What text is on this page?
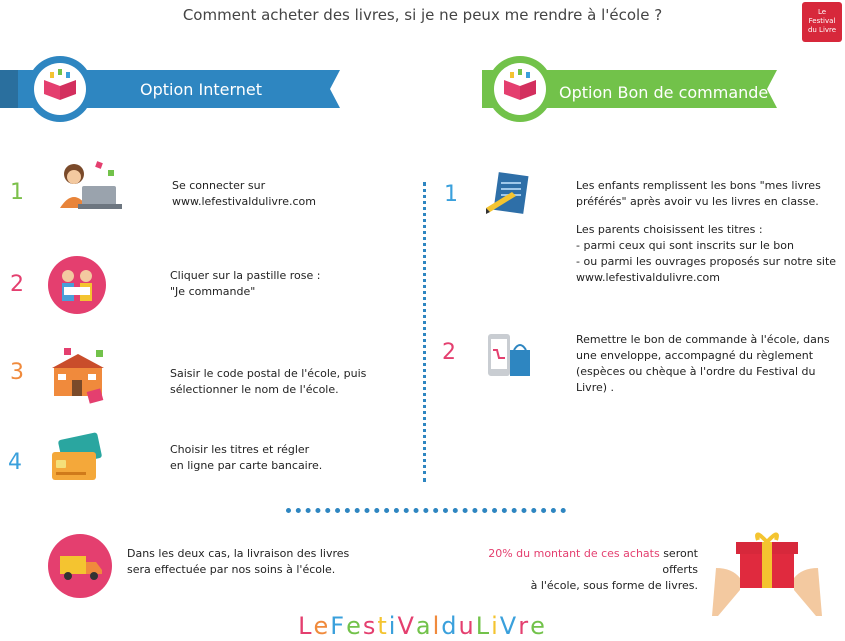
Comment acheter des livres, si je ne peux me rendre à l'école ?	Le
Festival
du Livre
Option Internet	Option Bon de commande
1	Se connecter sur
www.lefestivaldulivre.com
2	Cliquer sur la pastille rose :
"Je commande"
3	Saisir le code postal de l'école, puis
sélectionner le nom de l'école.
4
Choisir les titres et régler
en ligne par carte bancaire.
1	Les enfants remplissent les bons "mes livres
préférés" après avoir vu les livres en classe.
Les parents choisissent les titres :
- parmi ceux qui sont inscrits sur le bon
- ou parmi les ouvrages proposés sur notre site
www.lefestivaldulivre.com
2
Remettre le bon de commande à l'école, dans
une enveloppe, accompagné du règlement
(espèces ou chèque à l'ordre du Festival du Livre) .
Dans les deux cas, la livraison des livres
sera effectuée par nos soins à l'école.
20% du montant de ces achats seront offerts
à l'école, sous forme de livres.
LeFestiValduLiVre
